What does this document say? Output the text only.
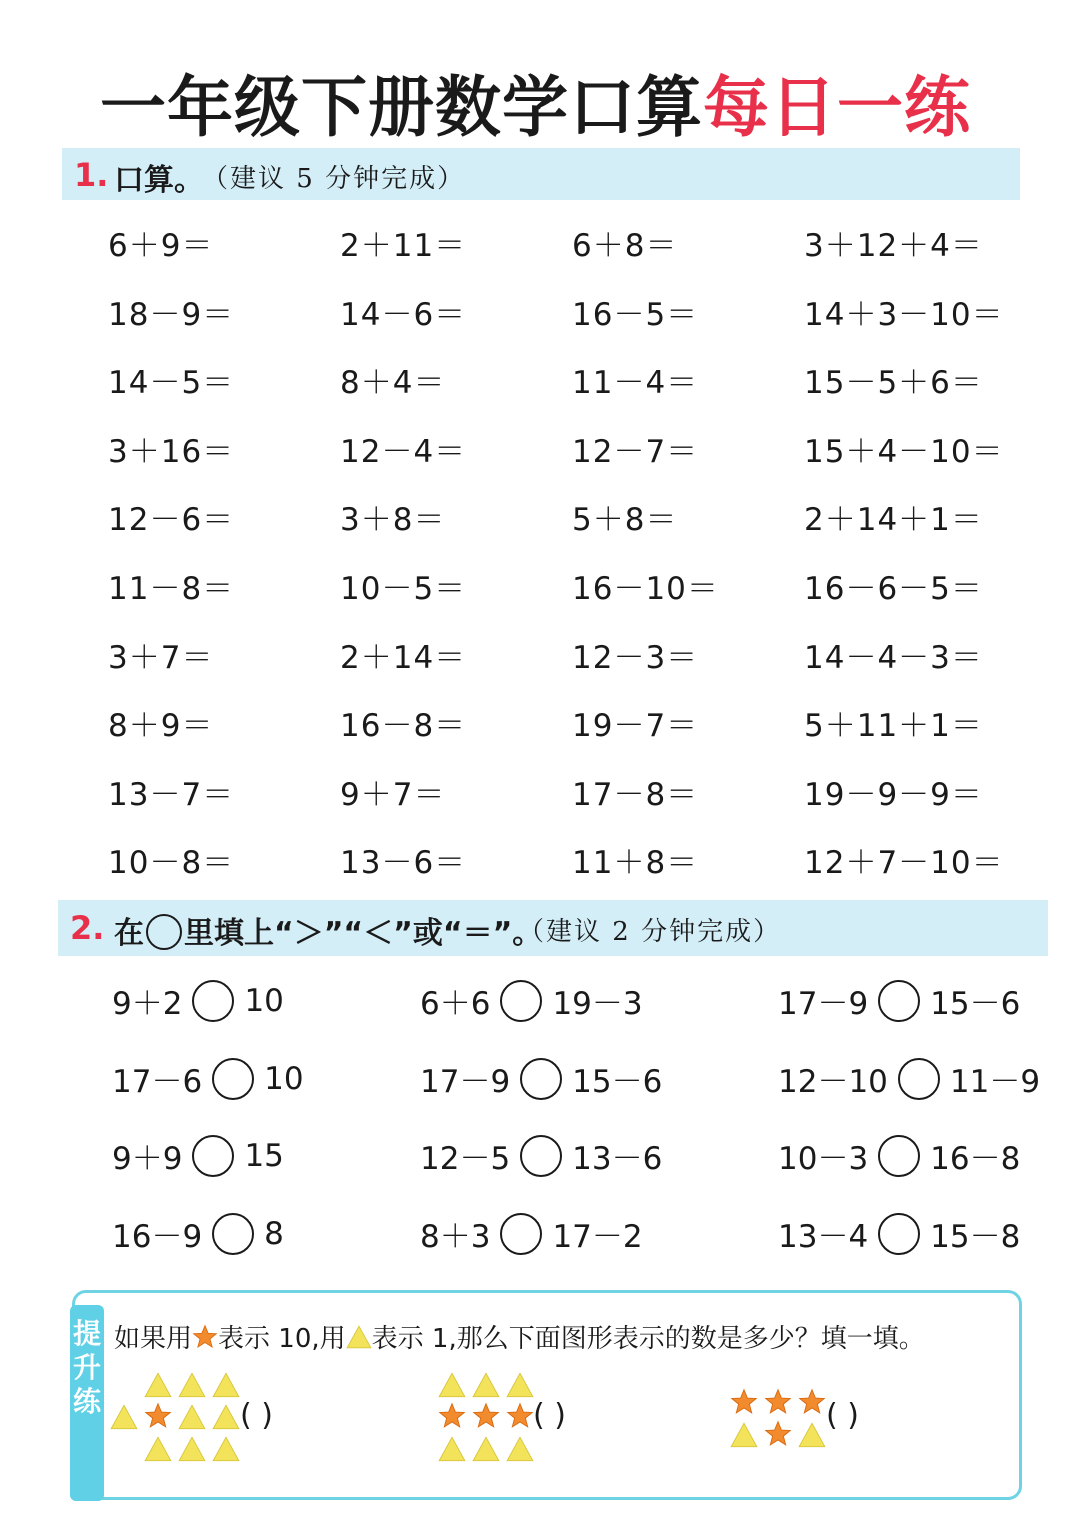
一年级下册数学口算每日一练
1. 口算。
（建议 5 分钟完成）
6＋9＝	2＋11＝	6＋8＝	3＋12＋4＝
18－9＝	14－6＝	16－5＝	14＋3－10＝
14－5＝	8＋4＝	11－4＝	15－5＋6＝
3＋16＝	12－4＝	12－7＝	15＋4－10＝
12－6＝	3＋8＝	5＋8＝	2＋14＋1＝
11－8＝	10－5＝	16－10＝	16－6－5＝
3＋7＝	2＋14＝	12－3＝	14－4－3＝
8＋9＝	16－8＝	19－7＝	5＋11＋1＝
13－7＝	9＋7＝	17－8＝	19－9－9＝
10－8＝	13－6＝	11＋8＝	12＋7－10＝
2. 在 里填上“＞”“＜”或“＝”。
（建议 2 分钟完成）
9＋2 10	6＋6 19－3	17－9 15－6
17－6 10	17－9 15－6	12－10 11－9
9＋9 15	12－5 13－6	10－3 16－8
16－9 8	8＋3 17－2	13－4 15－8
提
升
练
如果用 表示 10,用 表示 1,那么下面图形表示的数是多少？填一填。
( )	( )	( )
